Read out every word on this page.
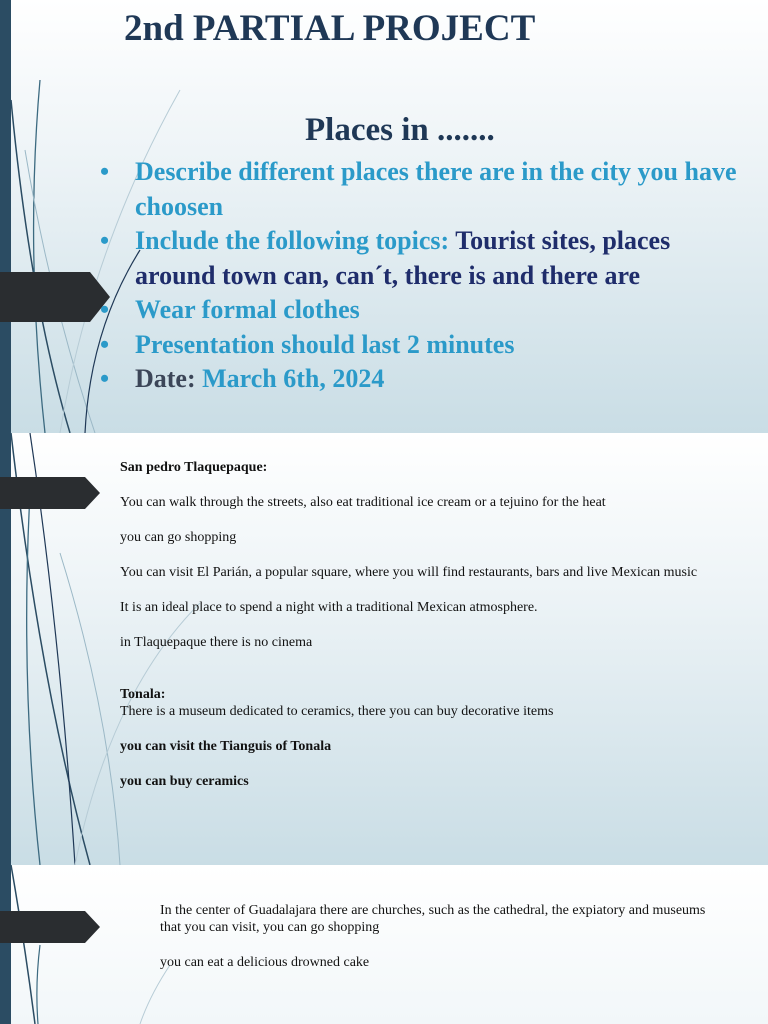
2nd PARTIAL PROJECT
Places in .......
• Describe different places there are in the city you have choosen
• Include the following topics: Tourist sites, places around town can, can´t, there is and there are
• Wear formal clothes
• Presentation should last 2 minutes
• Date: March 6th, 2024

San pedro Tlaquepaque:

You can walk through the streets, also eat traditional ice cream or a tejuino for the heat

you can go shopping

You can visit El Parián, a popular square, where you will find restaurants, bars and live Mexican music

It is an ideal place to spend a night with a traditional Mexican atmosphere.

in Tlaquepaque there is no cinema

Tonala:

There is a museum dedicated to ceramics, there you can buy decorative items

you can visit the Tianguis of Tonala

you can buy ceramics

In the center of Guadalajara there are churches, such as the cathedral, the expiatory and museums that you can visit, you can go shopping

you can eat a delicious drowned cake
